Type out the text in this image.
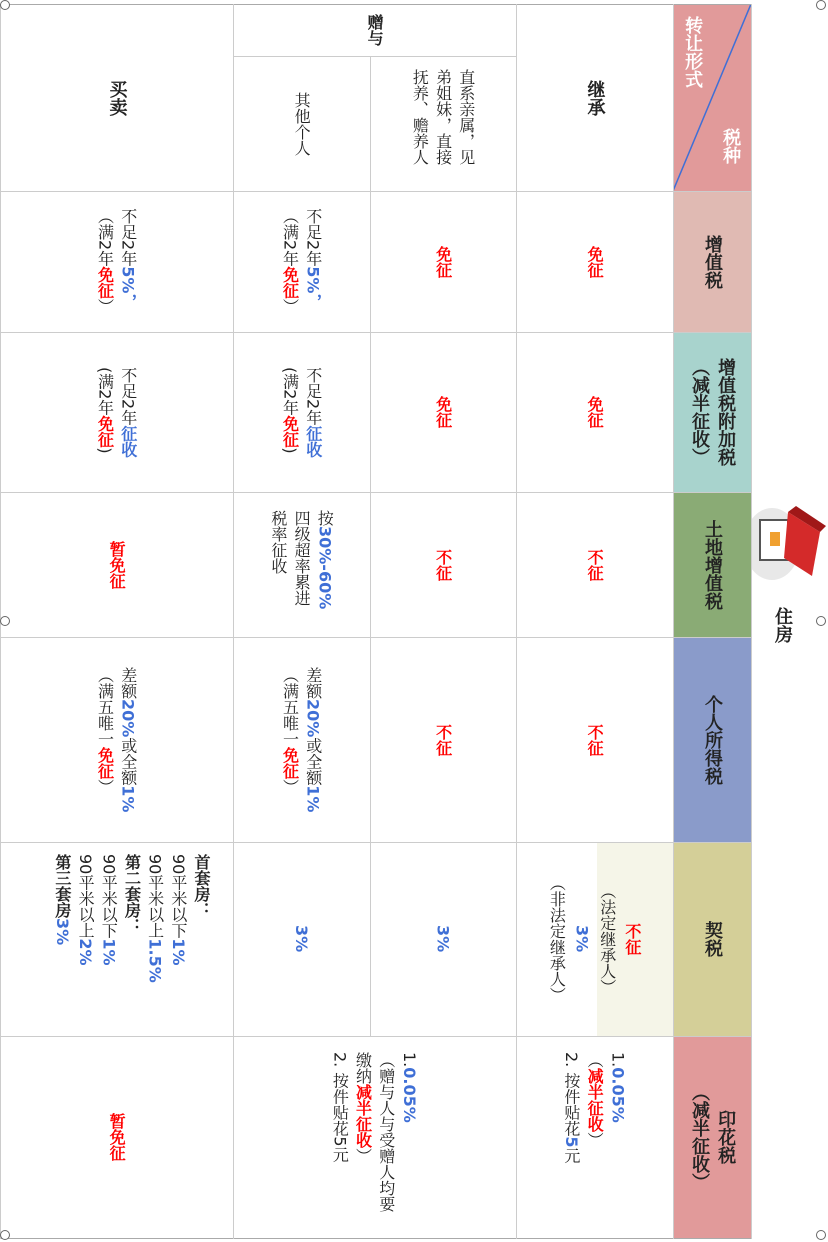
住房
转让形式
税种
增值税
增值税附加税
（减半征收）
土地增值税
个人所得税
契税
印花税
（减半征收）
继承
免征
免征
不征
不征
不征
（法定继承人）
3%
（非法定继承人）
1.0.05%
（减半征收）
2. 按件贴花5元
赠与
直系亲属，见弟姐妹，直接抚养、赡养人
其他个人
免征
免征
不征
不征
3%
不足2年5%，
（满2年免征）
不足2年征收
(满2年免征)
按30%-60%四级超率累进税率征收
差额20%或全额1%
（满五唯一免征）
3%
1.0.05%
（赠与人与受赠人均要缴纳减半征收）
2. 按件贴花5元
买卖
不足2年5%，
（满2年免征）
不足2年征收
(满2年免征)
暂免征
差额20%或全额1%
（满五唯一免征）
首套房：
90平米以下1%
90平米以上1.5%
第二套房：
90平米以下1%
90平米以上2%
第三套房3%
暂免征
